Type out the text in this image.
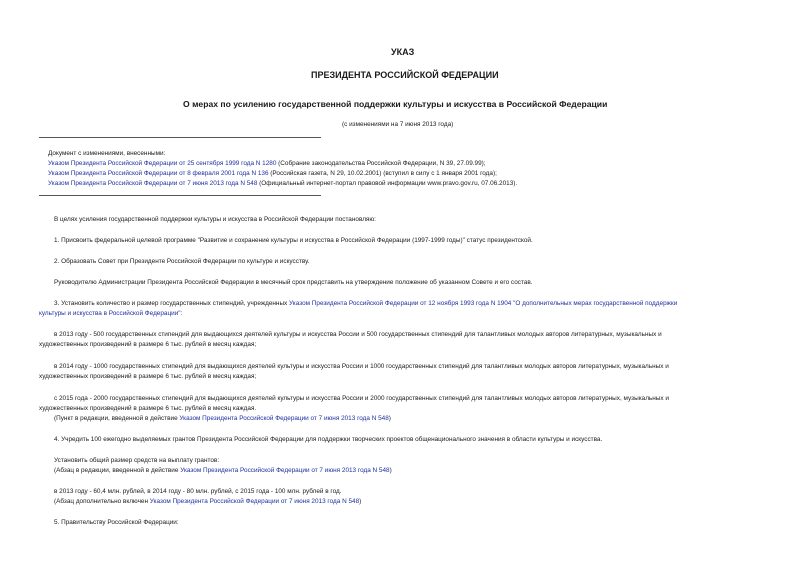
УКАЗ
ПРЕЗИДЕНТА РОССИЙСКОЙ ФЕДЕРАЦИИ
О мерах по усилению государственной поддержки культуры и искусства в Российской Федерации
(с изменениями на 7 июня 2013 года)
Документ с изменениями, внесенными:
Указом Президента Российской Федерации от 25 сентября 1999 года N 1280 (Собрание законодательства Российской Федерации, N 39, 27.09.99);
Указом Президента Российской Федерации от 8 февраля 2001 года N 136 (Российская газета, N 29, 10.02.2001) (вступил в силу с 1 января 2001 года);
Указом Президента Российской Федерации от 7 июня 2013 года N 548 (Официальный интернет-портал правовой информации www.pravo.gov.ru, 07.06.2013).
В целях усиления государственной поддержки культуры и искусства в Российской Федерации постановляю:
1. Присвоить федеральной целевой программе "Развитие и сохранение культуры и искусства в Российской Федерации (1997-1999 годы)" статус президентской.
2. Образовать Совет при Президенте Российской Федерации по культуре и искусству.
Руководителю Администрации Президента Российской Федерации в месячный срок представить на утверждение положение об указанном Совете и его состав.
3. Установить количество и размер государственных стипендий, учрежденных Указом Президента Российской Федерации от 12 ноября 1993 года N 1904 "О дополнительных мерах государственной поддержки
культуры и искусства в Российской Федерации":
в 2013 году - 500 государственных стипендий для выдающихся деятелей культуры и искусства России и 500 государственных стипендий для талантливых молодых авторов литературных, музыкальных и
художественных произведений в размере 6 тыс. рублей в месяц каждая;
в 2014 году - 1000 государственных стипендий для выдающихся деятелей культуры и искусства России и 1000 государственных стипендий для талантливых молодых авторов литературных, музыкальных и
художественных произведений в размере 6 тыс. рублей в месяц каждая;
с 2015 года - 2000 государственных стипендий для выдающихся деятелей культуры и искусства России и 2000 государственных стипендий для талантливых молодых авторов литературных, музыкальных и
художественных произведений в размере 6 тыс. рублей в месяц каждая.
(Пункт в редакции, введенной в действие Указом Президента Российской Федерации от 7 июня 2013 года N 548)
4. Учредить 100 ежегодно выделяемых грантов Президента Российской Федерации для поддержки творческих проектов общенационального значения в области культуры и искусства.
Установить общий размер средств на выплату грантов:
(Абзац в редакции, введенной в действие Указом Президента Российской Федерации от 7 июня 2013 года N 548)
в 2013 году - 60,4 млн. рублей, в 2014 году - 80 млн. рублей, с 2015 года - 100 млн. рублей в год.
(Абзац дополнительно включен Указом Президента Российской Федерации от 7 июня 2013 года N 548)
5. Правительству Российской Федерации:
